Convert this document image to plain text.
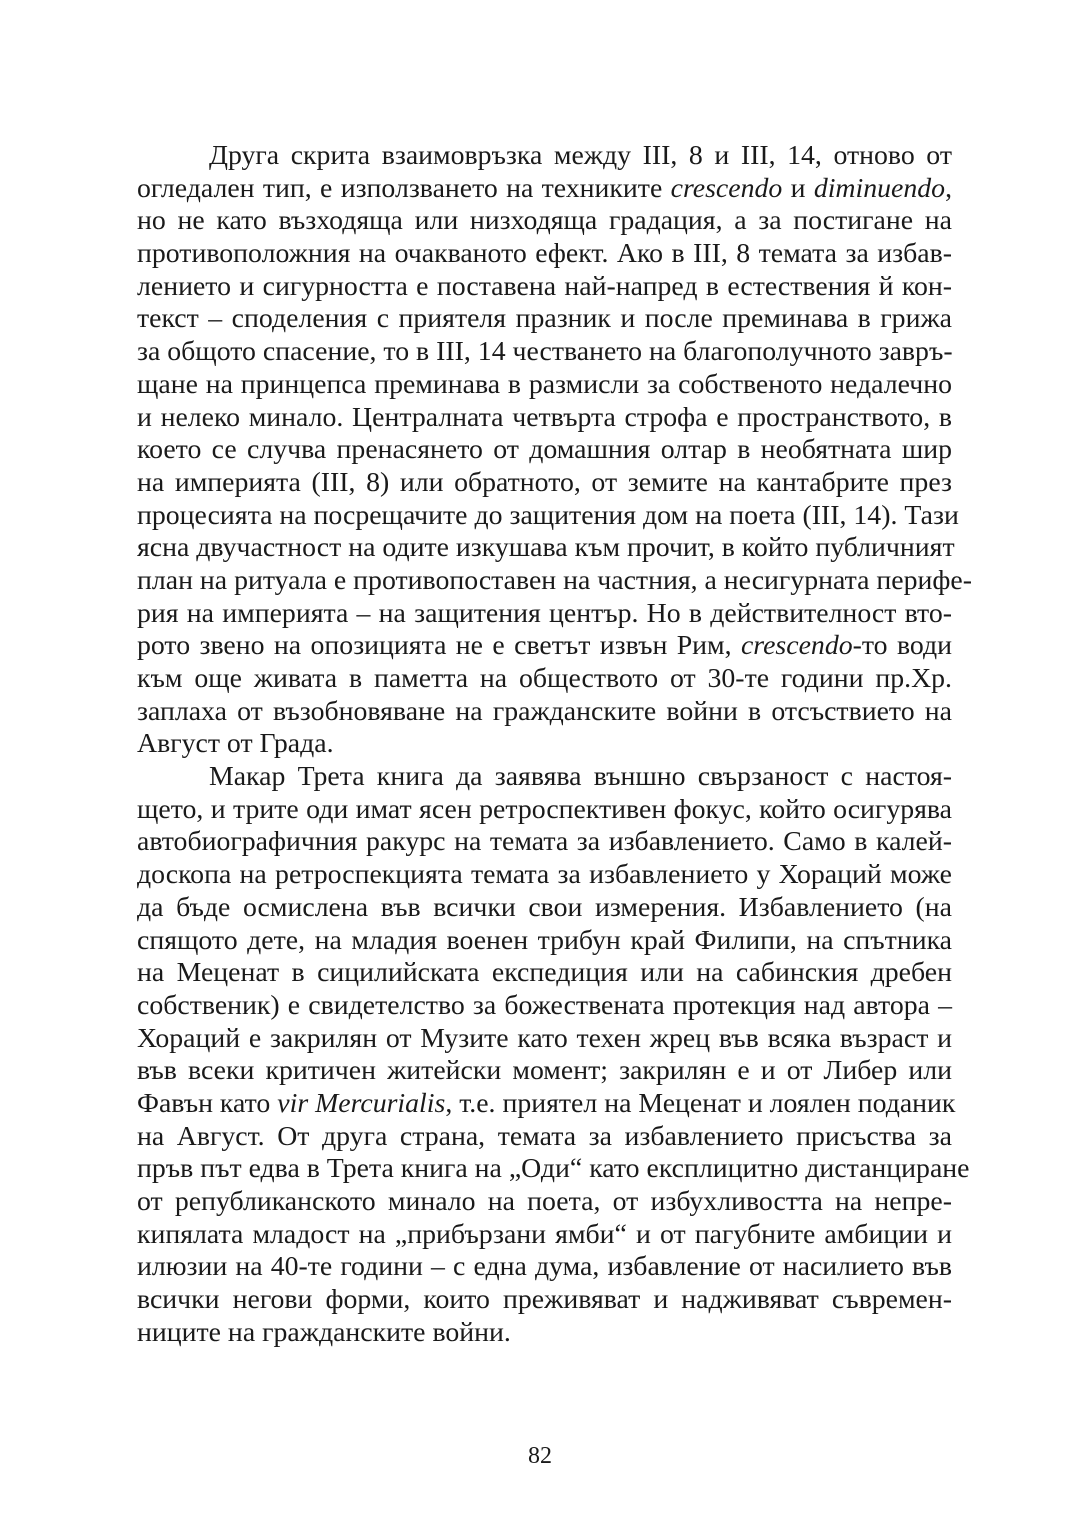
Друга скрита взаимовръзка между III, 8 и III, 14, отново от
огледален тип, е използването на техниките crescendo и diminuendo,
но не като възходяща или низходяща градация, а за постигане на
противоположния на очакваното ефект. Ако в III, 8 темата за избав-
лението и сигурността е поставена най-напред в естествения й кон-
текст – споделения с приятеля празник и после преминава в грижа
за общото спасение, то в III, 14 честването на благополучното завръ-
щане на принцепса преминава в размисли за собственото недалечно
и нелеко минало. Централната четвърта строфа е пространството, в
което се случва пренасянето от домашния олтар в необятната шир
на империята (III, 8) или обратното, от земите на кантабрите през
процесията на посрещачите до защитения дом на поета (III, 14). Тази
ясна двучастност на одите изкушава към прочит, в който публичният
план на ритуала е противопоставен на частния, а несигурната перифе-
рия на империята – на защитения център. Но в действителност вто-
рото звено на опозицията не е светът извън Рим, crescendo-то води
към още живата в паметта на обществото от 30-те години пр.Хр.
заплаха от възобновяване на гражданските войни в отсъствието на
Август от Града.
Макар Трета книга да заявява външно свързаност с настоя-
щето, и трите оди имат ясен ретроспективен фокус, който осигурява
автобиографичния ракурс на темата за избавлението. Само в калей-
доскопа на ретроспекцията темата за избавлението у Хораций може
да бъде осмислена във всички свои измерения. Избавлението (на
спящото дете, на младия военен трибун край Филипи, на спътника
на Меценат в сицилийската експедиция или на сабинския дребен
собственик) е свидетелство за божествената протекция над автора –
Хораций е закрилян от Музите като техен жрец във всяка възраст и
във всеки критичен житейски момент; закрилян е и от Либер или
Фавън като vir Mercurialis, т.е. приятел на Меценат и лоялен поданик
на Август. От друга страна, темата за избавлението присъства за
пръв път едва в Трета книга на „Оди“ като експлицитно дистанциране
от републиканското минало на поета, от избухливостта на непре-
кипялата младост на „прибързани ямби“ и от пагубните амбиции и
илюзии на 40-те години – с една дума, избавление от насилието във
всички негови форми, които преживяват и надживяват съвремен-
ниците на гражданските войни.
82
